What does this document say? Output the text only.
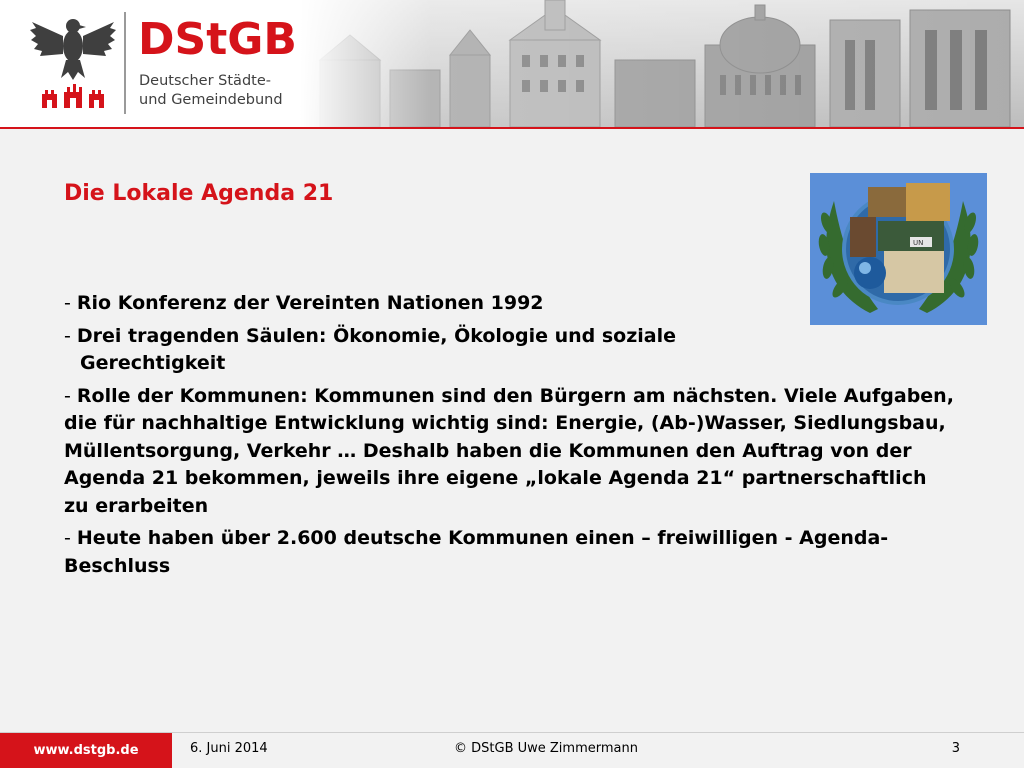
DStGB
Deutscher Städte-
und Gemeindebund
Die Lokale Agenda 21
UN
- Rio Konferenz der Vereinten Nationen 1992
- Drei tragenden Säulen: Ökonomie, Ökologie und soziale
Gerechtigkeit
- Rolle der Kommunen: Kommunen sind den Bürgern am nächsten. Viele Aufgaben, die für nachhaltige Entwicklung wichtig sind: Energie, (Ab-)Wasser, Siedlungsbau, Müllentsorgung, Verkehr … Deshalb haben die Kommunen den Auftrag von der Agenda 21 bekommen, jeweils ihre eigene „lokale Agenda 21“ partnerschaftlich zu erarbeiten
- Heute haben über 2.600 deutsche Kommunen einen – freiwilligen - Agenda-Beschluss
www.dstgb.de	6. Juni 2014	© DStGB Uwe Zimmermann	3
